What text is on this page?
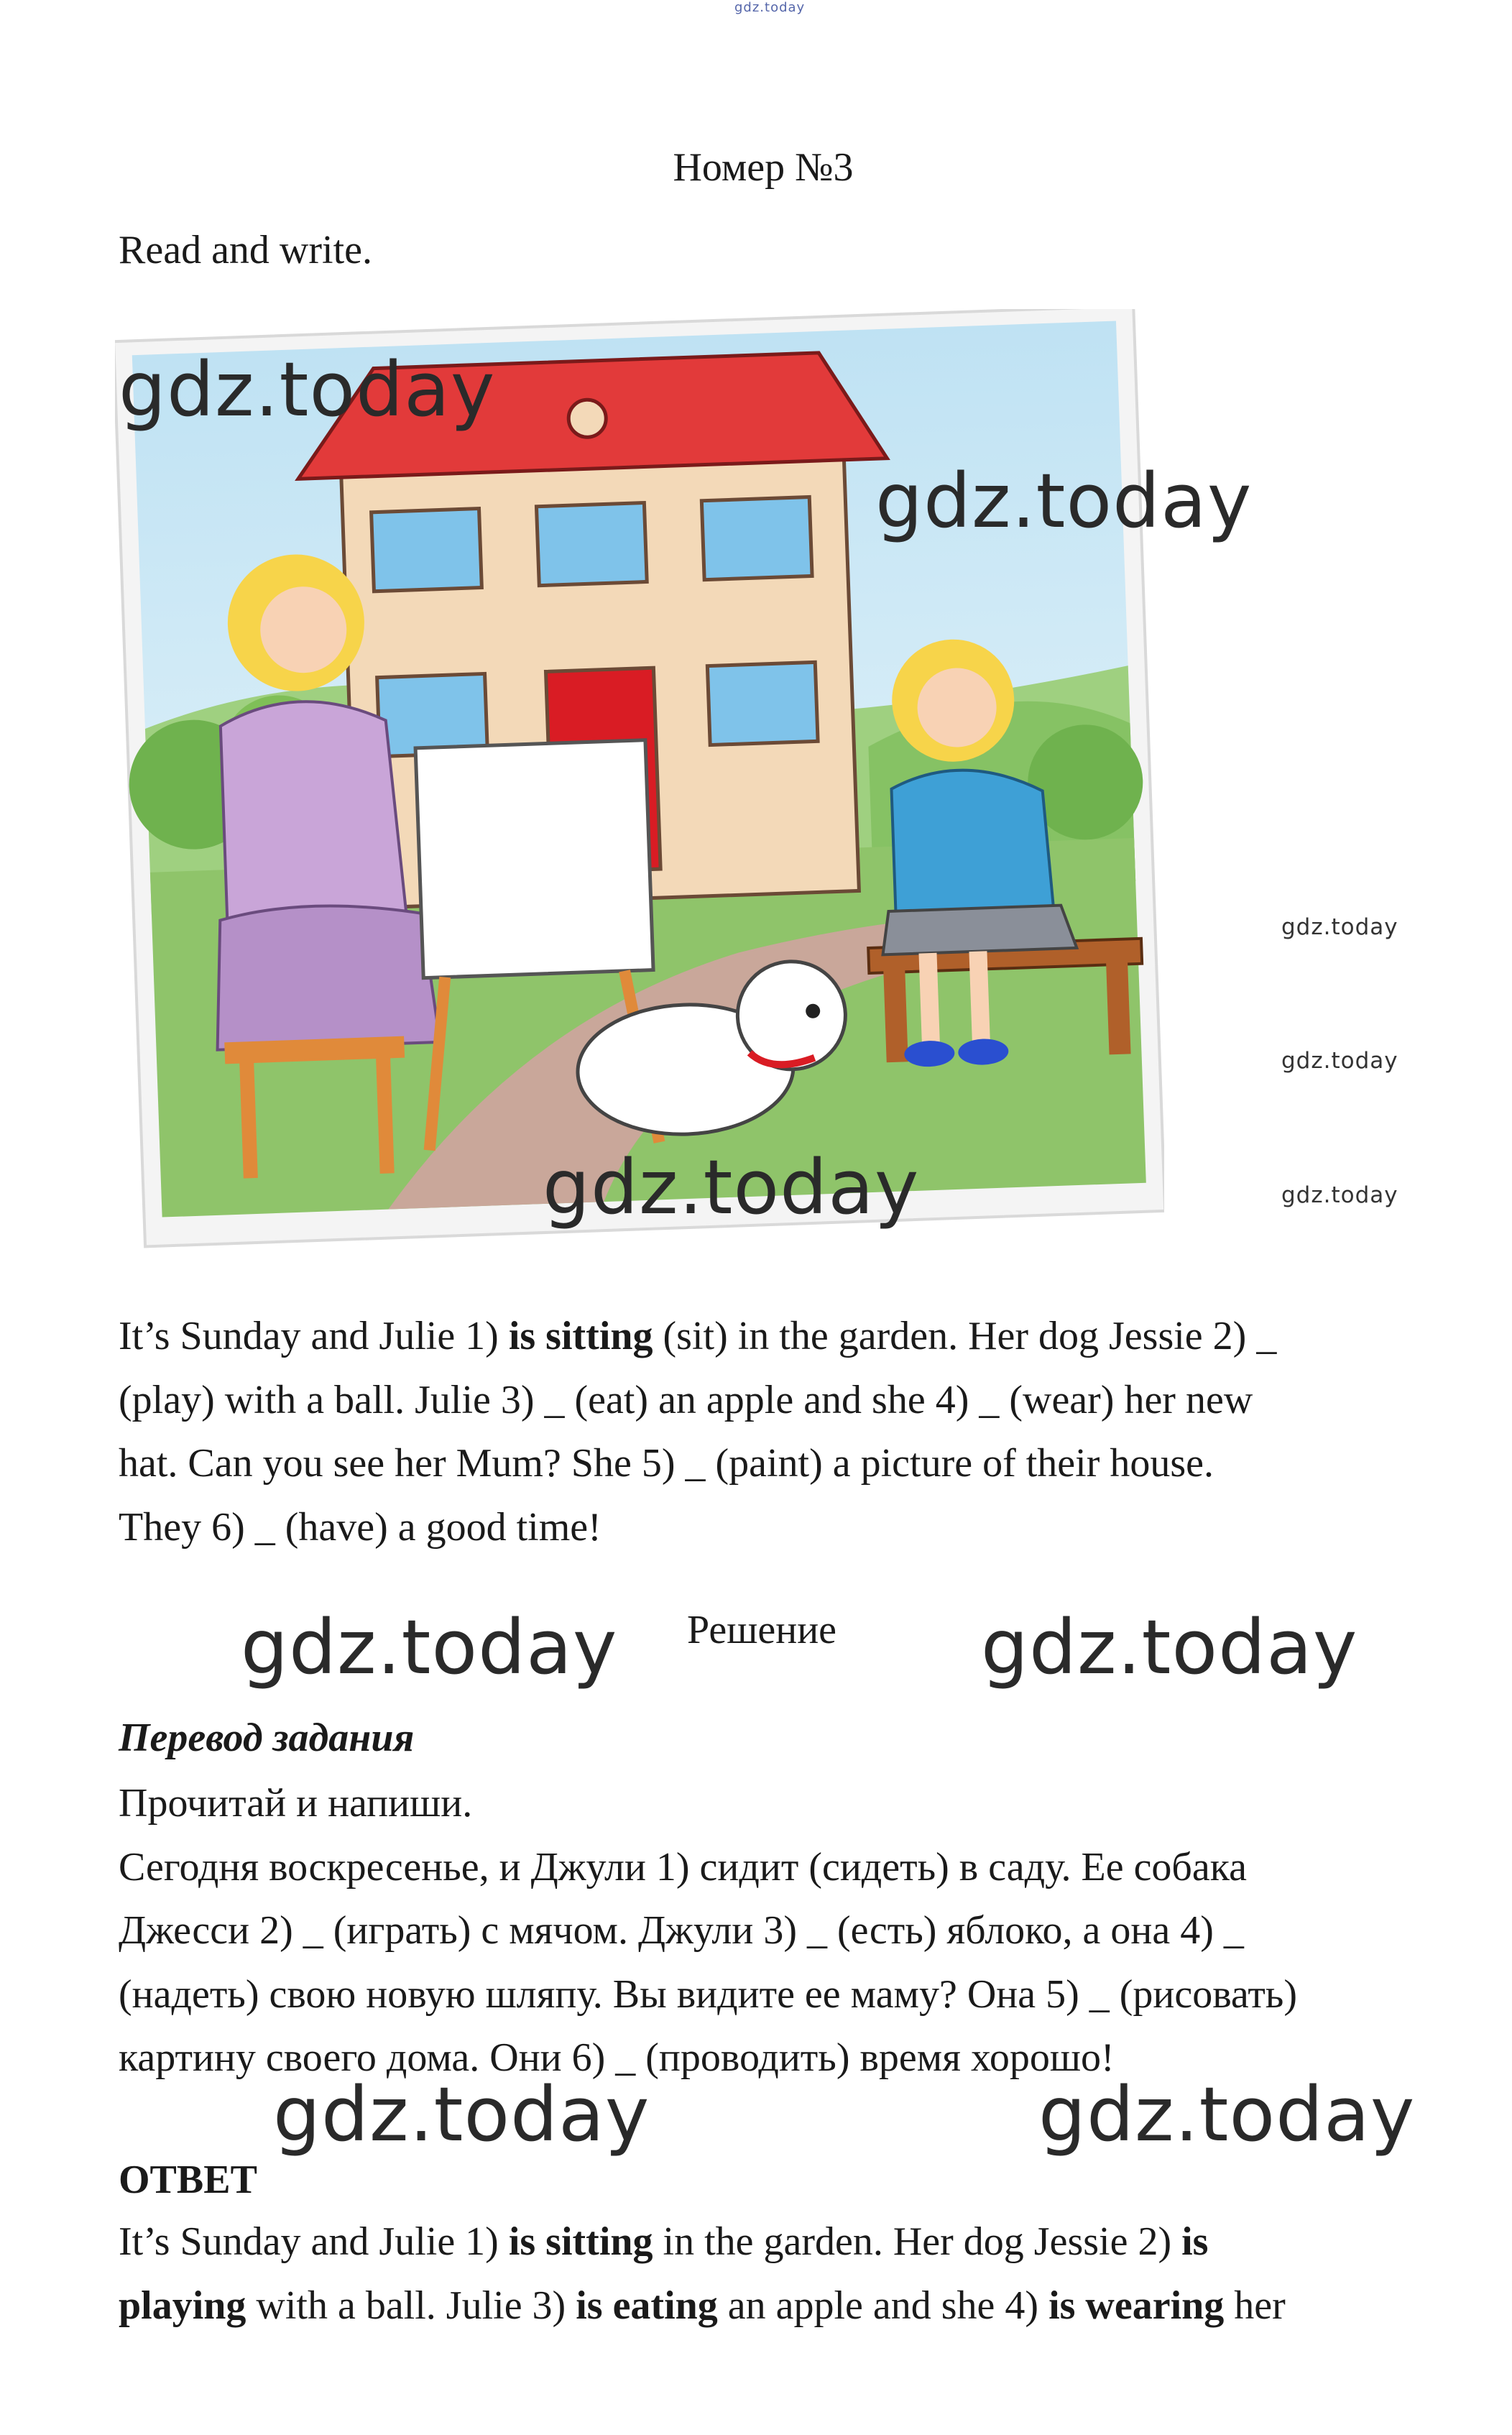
gdz.today
Номер №3
Read and write.
gdz.today
gdz.today
gdz.today
gdz.today
gdz.today	gdz.today

It’s Sunday and Julie 1) is sitting (sit) in the garden. Her dog Jessie 2) _

(play) with a ball. Julie 3) _ (eat) an apple and she 4) _ (wear) her new

hat. Can you see her Mum? She 5) _ (paint) a picture of their house.

They 6) _ (have) a good time!

gdz.today	Решение	gdz.today
Перевод задания

Прочитай и напиши.

Сегодня воскресенье, и Джули 1) сидит (сидеть) в саду. Ее собака

Джесси 2) _ (играть) с мячом. Джули 3) _ (есть) яблоко, а она 4) _

(надеть) свою новую шляпу. Вы видите ее маму? Она 5) _ (рисовать)

картину своего дома. Они 6) _ (проводить) время хорошо!

gdz.today	gdz.today
ОТВЕТ

It’s Sunday and Julie 1) is sitting in the garden. Her dog Jessie 2) is

playing with a ball. Julie 3) is eating an apple and she 4) is wearing her
